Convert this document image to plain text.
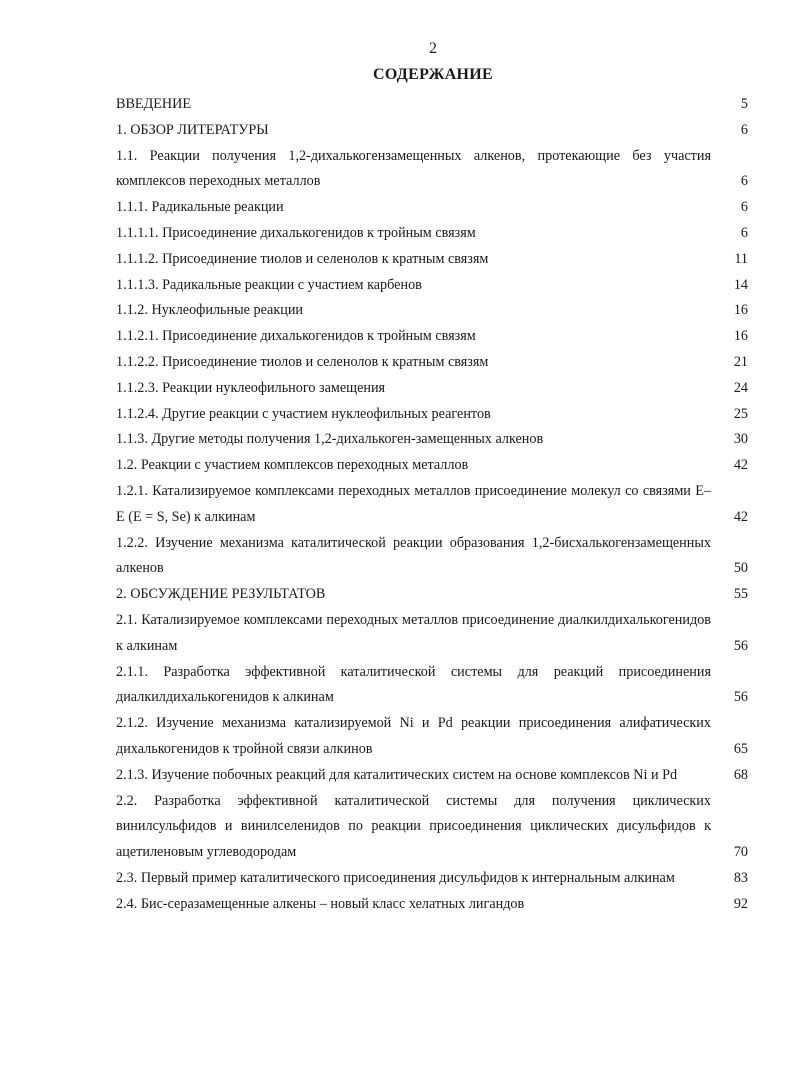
2
СОДЕРЖАНИЕ
ВВЕДЕНИЕ	5
1. ОБЗОР ЛИТЕРАТУРЫ	6
1.1. Реакции получения 1,2-дихалькогензамещенных алкенов, протекающие без участия комплексов переходных металлов	6
1.1.1. Радикальные реакции	6
1.1.1.1. Присоединение дихалькогенидов к тройным связям	6
1.1.1.2. Присоединение тиолов и селенолов к кратным связям	11
1.1.1.3. Радикальные реакции с участием карбенов	14
1.1.2. Нуклеофильные реакции	16
1.1.2.1. Присоединение дихалькогенидов к тройным связям	16
1.1.2.2. Присоединение тиолов и селенолов к кратным связям	21
1.1.2.3. Реакции нуклеофильного замещения	24
1.1.2.4. Другие реакции с участием нуклеофильных реагентов	25
1.1.3. Другие методы получения 1,2-дихалькоген-замещенных алкенов	30
1.2. Реакции с участием комплексов переходных металлов	42
1.2.1. Катализируемое комплексами переходных металлов присоединение молекул со связями E–E (E = S, Se) к алкинам	42
1.2.2. Изучение механизма каталитической реакции образования 1,2-бисхалькогензамещенных алкенов	50
2. ОБСУЖДЕНИЕ РЕЗУЛЬТАТОВ	55
2.1. Катализируемое комплексами переходных металлов присоединение диалкилдихалькогенидов к алкинам	56
2.1.1. Разработка эффективной каталитической системы для реакций присоединения диалкилдихалькогенидов к алкинам	56
2.1.2. Изучение механизма катализируемой Ni и Pd реакции присоединения алифатических дихалькогенидов к тройной связи алкинов	65
2.1.3. Изучение побочных реакций для каталитических систем на основе комплексов Ni и Pd	68
2.2. Разработка эффективной каталитической системы для получения циклических винилсульфидов и винилселенидов по реакции присоединения циклических дисульфидов к ацетиленовым углеводородам	70
2.3. Первый пример каталитического присоединения дисульфидов к интернальным алкинам	83
2.4. Бис-серазамещенные алкены – новый класс хелатных лигандов	92
